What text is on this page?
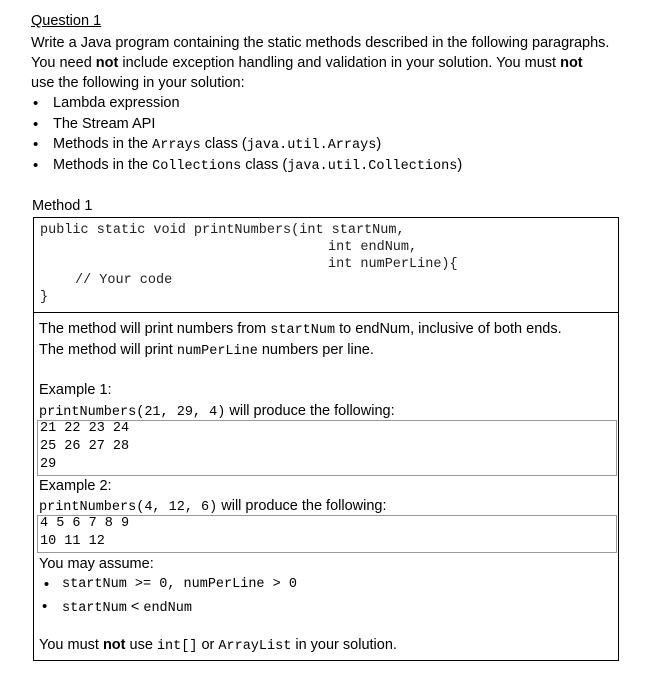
Question 1
Write a Java program containing the static methods described in the following paragraphs.
You need not include exception handling and validation in your solution. You must not
use the following in your solution:
• Lambda expression
• The Stream API
• Methods in the Arrays class (java.util.Arrays)
• Methods in the Collections class (java.util.Collections)
Method 1
public static void printNumbers(int startNum,
int endNum,
int numPerLine){
// Your code
}
The method will print numbers from startNum to endNum, inclusive of both ends.
The method will print numPerLine numbers per line.
Example 1:
printNumbers(21, 29, 4) will produce the following:
21 22 23 24
25 26 27 28
29
Example 2:
printNumbers(4, 12, 6) will produce the following:
4 5 6 7 8 9
10 11 12
You may assume:
• startNum >= 0, numPerLine > 0
• startNum < endNum
You must not use int[] or ArrayList in your solution.
